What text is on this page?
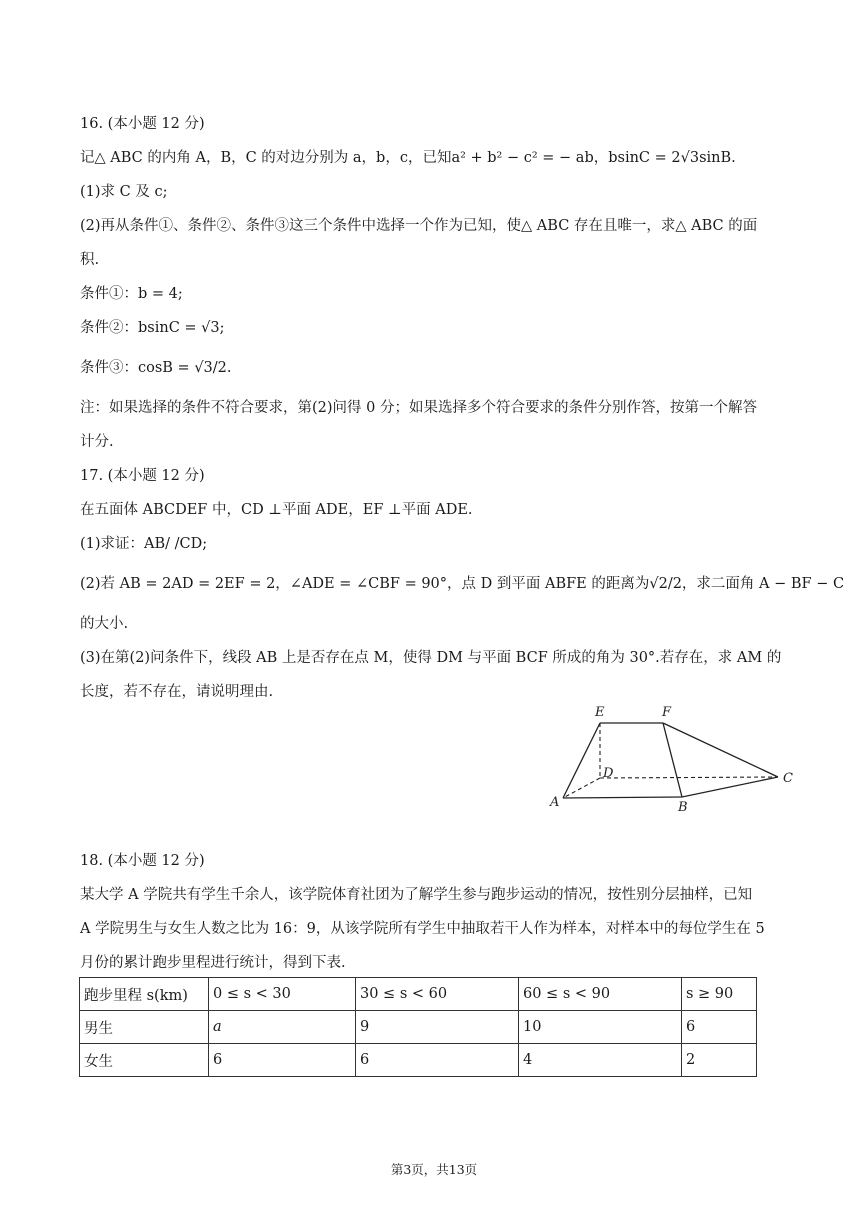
16. (本小题 12 分)
记△ ABC 的内角 A，B，C 的对边分别为 a，b，c，已知a² + b² − c² = − ab，bsinC = 2√3sinB.
(1)求 C 及 c;
(2)再从条件①、条件②、条件③这三个条件中选择一个作为已知，使△ ABC 存在且唯一，求△ ABC 的面
积.
条件①：b = 4;
条件②：bsinC = √3;
条件③：cosB = √3/2.
注：如果选择的条件不符合要求，第(2)问得 0 分；如果选择多个符合要求的条件分别作答，按第一个解答
计分.
17. (本小题 12 分)
在五面体 ABCDEF 中，CD ⊥平面 ADE，EF ⊥平面 ADE.
(1)求证：AB/ /CD;
(2)若 AB = 2AD = 2EF = 2，∠ADE = ∠CBF = 90°，点 D 到平面 ABFE 的距离为√2/2，求二面角 A − BF − C
的大小.
(3)在第(2)问条件下，线段 AB 上是否存在点 M，使得 DM 与平面 BCF 所成的角为 30°.若存在，求 AM 的
长度，若不存在，请说明理由.
E	F
D	C
A	B
18. (本小题 12 分)
某大学 A 学院共有学生千余人，该学院体育社团为了解学生参与跑步运动的情况，按性别分层抽样，已知
A 学院男生与女生人数之比为 16：9，从该学院所有学生中抽取若干人作为样本，对样本中的每位学生在 5
月份的累计跑步里程进行统计，得到下表.
跑步里程 s(km)	0 ≤ s < 30	30 ≤ s < 60	60 ≤ s < 90	s ≥ 90
男生	a	9	10	6
女生	6	6	4	2
第3页，共13页
